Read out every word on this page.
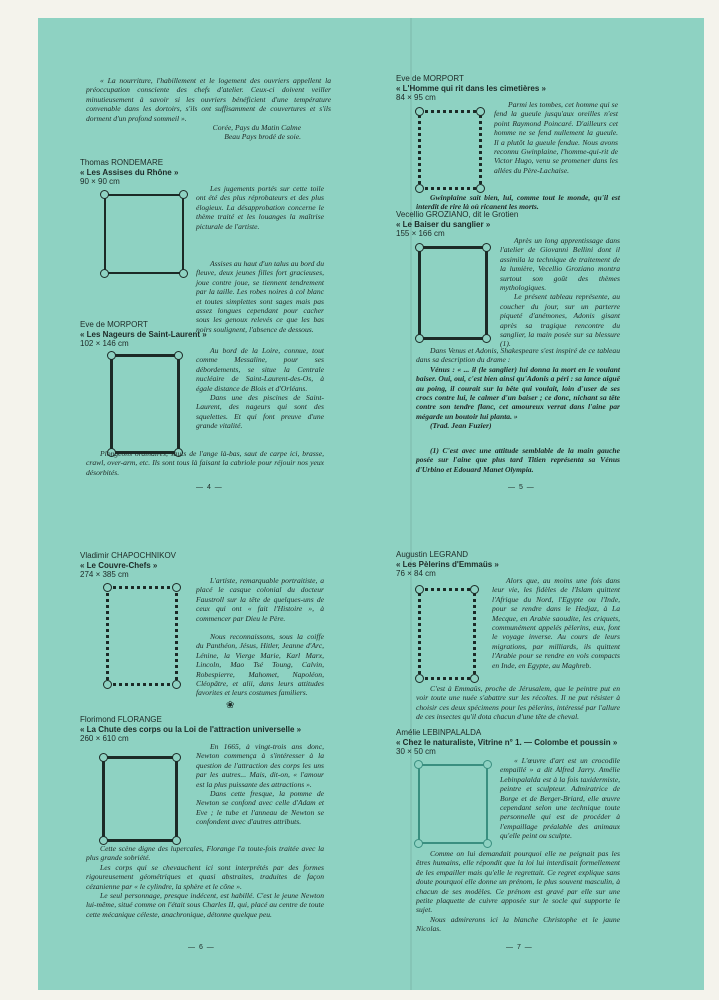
« La nourriture, l'habillement et le logement des ouvriers appellent la préoccupation consciente des chefs d'atelier. Ceux-ci doivent veiller minutieusement à savoir si les ouvriers bénéficient d'une température convenable dans les dortoirs, s'ils ont suffisamment de couvertures et s'ils dorment d'un profond sommeil ».

Corée, Pays du Matin Calme

Beau Pays brodé de soie.

Thomas RONDEMARE
« Les Assises du Rhône »
90 × 90 cm

Les jugements portés sur cette toile ont été des plus réprobateurs et des plus élogieux. La désapprobation concerne le thème traité et les louanges la maîtrise picturale de l'artiste.

Assises au haut d'un talus au bord du fleuve, deux jeunes filles fort gracieuses, joue contre joue, se tiennent tendrement par la taille. Les robes noires à col blanc et toutes simplettes sont sages mais pas assez longues cependant pour cacher sous les genoux relevés ce que les bas noirs soulignent, l'absence de dessous.

Eve de MORPORT
« Les Nageurs de Saint-Laurent »
102 × 146 cm

Au bord de la Loire, connue, tout comme Messaline, pour ses débordements, se situe la Centrale nucléaire de Saint-Laurent-des-Os, à égale distance de Blois et d'Orléans.

Dans une des piscines de Saint-Laurent, des nageurs qui sont des squelettes. Et qui font preuve d'une grande vitalité.

Plongeons ordinaires, sauts de l'ange là-bas, saut de carpe ici, brasse, crawl, over-arm, etc. Ils sont tous là faisant la cabriole pour réjouir nos yeux désorbités.

— 4 —
Eve de MORPORT
« L'Homme qui rit dans les cimetières »
84 × 95 cm

Parmi les tombes, cet homme qui se fend la gueule jusqu'aux oreilles n'est point Raymond Poincaré. D'ailleurs cet homme ne se fend nullement la gueule. Il a plutôt la gueule fendue. Nous avons reconnu Gwinplaine, l'homme-qui-rit de Victor Hugo, venu se promener dans les allées du Père-Lachaise.

Gwinplaine sait bien, lui, comme tout le monde, qu'il est interdit de rire là où ricanent les morts.

Vecellio GROZIANO, dit le Grotien
« Le Baiser du sanglier »
155 × 166 cm

Après un long apprentissage dans l'atelier de Giovanni Bellini dont il assimila la technique de traitement de la lumière, Vecellio Groziano montra surtout son goût des thèmes mythologiques.

Le présent tableau représente, au coucher du jour, sur un parterre piqueté d'anémones, Adonis gisant après sa tragique rencontre du sanglier, la main posée sur sa blessure (1).

Dans Venus et Adonis, Shakespeare s'est inspiré de ce tableau dans sa description du drame :

Vénus : « ... il (le sanglier) lui donna la mort en le voulant baiser. Oui, oui, c'est bien ainsi qu'Adonis a péri : sa lance aiguë au poing, il courait sur la bête qui voulait, loin d'user de ses crocs contre lui, le calmer d'un baiser ; ce donc, nichant sa tête contre son tendre flanc, cet amoureux verrat dans l'aine par mégarde un boutoir lui planta. »

(Trad. Jean Fuzier)

(1) C'est avec une attitude semblable de la main gauche posée sur l'aine que plus tard Titien représenta sa Vénus d'Urbino et Edouard Manet Olympia.

— 5 —
Vladimir CHAPOCHNIKOV
« Le Couvre-Chefs »
274 × 385 cm

L'artiste, remarquable portraitiste, a placé le casque colonial du docteur Faustroll sur la tête de quelques-uns de ceux qui ont « fait l'Histoire », à commencer par Dieu le Père.

Nous reconnaissons, sous la coiffe du Panthéon, Jésus, Hitler, Jeanne d'Arc, Lénine, la Vierge Marie, Karl Marx, Lincoln, Mao Tsé Toung, Calvin, Robespierre, Mahomet, Napoléon, Cléopâtre, et alii, dans leurs attitudes favorites et leurs costumes familiers.

❀
Florimond FLORANGE
« La Chute des corps ou la Loi de l'attraction universelle »
260 × 610 cm

En 1665, à vingt-trois ans donc, Newton commença à s'intéresser à la question de l'attraction des corps les uns par les autres... Mais, dit-on, « l'amour est la plus puissante des attractions ».

Dans cette fresque, la pomme de Newton se confond avec celle d'Adam et Eve ; le tube et l'anneau de Newton se confondent avec d'autres attributs.

Cette scène digne des lupercales, Florange l'a toute-fois traitée avec la plus grande sobriété.

Les corps qui se chevauchent ici sont interprétés par des formes rigoureusement géométriques et quasi abstraites, traduites de façon cézanienne par « le cylindre, la sphère et le cône ».

Le seul personnage, presque indécent, est habillé. C'est le jeune Newton lui-même, situé comme on l'était sous Charles II, qui, placé au centre de toute cette mécanique céleste, anachronique, détonne quelque peu.

— 6 —
Augustin LEGRAND
« Les Pèlerins d'Emmaüs »
76 × 84 cm

Alors que, au moins une fois dans leur vie, les fidèles de l'Islam quittent l'Afrique du Nord, l'Egypte ou l'Inde, pour se rendre dans le Hedjaz, à La Mecque, en Arabie saoudite, les criquets, communément appelés pèlerins, eux, font le voyage inverse. Au cours de leurs migrations, par milliards, ils quittent l'Arabie pour se rendre en vols compacts en Inde, en Egypte, au Maghreb.

C'est à Emmaüs, proche de Jérusalem, que le peintre put en voir toute une nuée s'abattre sur les récoltes. Il ne put résister à choisir ces deux spécimens pour les pèlerins, intéressé par l'allure de ces insectes qu'il dota chacun d'une tête de cheval.

Amélie LEBINPALALDA
« Chez le naturaliste, Vitrine n° 1. — Colombe et poussin »
30 × 50 cm

« L'œuvre d'art est un crocodile empaillé » a dit Alfred Jarry. Amélie Lebinpalalda est à la fois taxidermiste, peintre et sculpteur. Admiratrice de Borge et de Berger-Briard, elle œuvre cependant selon une technique toute personnelle qui est de procéder à l'empaillage préalable des animaux qu'elle peint ou sculpte.

Comme on lui demandait pourquoi elle ne peignait pas les êtres humains, elle répondit que la loi lui interdisait formellement de les empailler mais qu'elle le regrettait. Ce regret explique sans doute pourquoi elle donne un prénom, le plus souvent masculin, à chacun de ses modèles. Ce prénom est gravé par elle sur une petite plaquette de cuivre apposée sur le socle qui supporte le sujet.

Nous admirerons ici la blanche Christophe et le jaune Nicolas.

— 7 —
